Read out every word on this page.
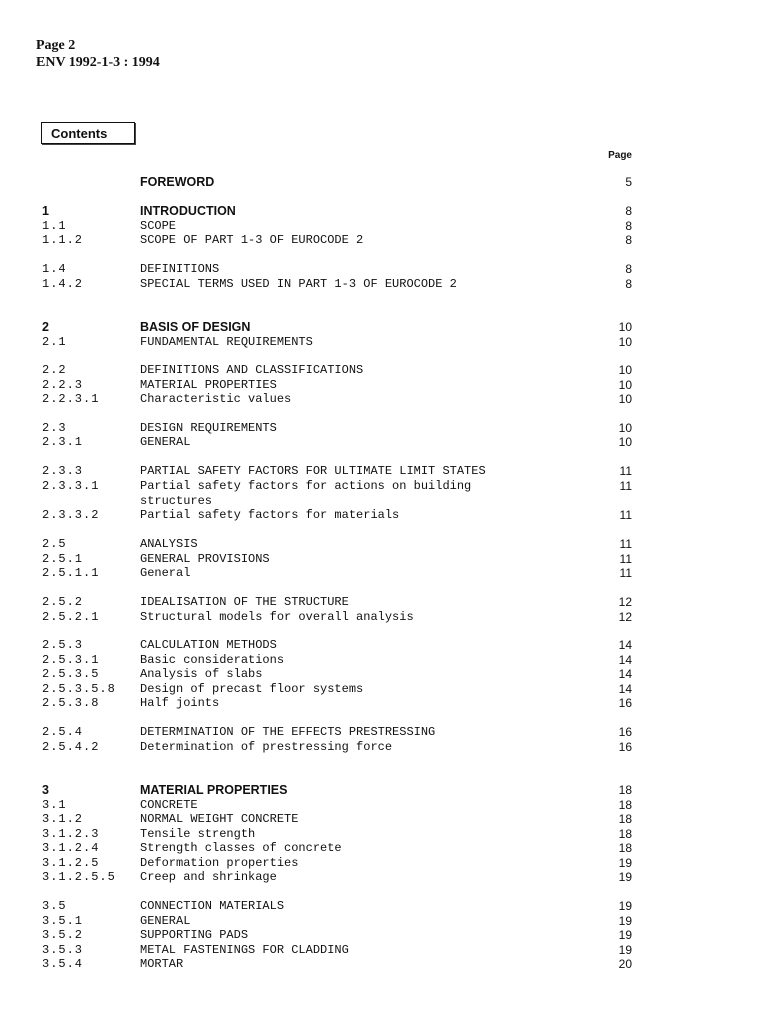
Page 2
ENV 1992-1-3 : 1994
Contents
Page
FOREWORD	5
1	INTRODUCTION	8
1.1	SCOPE	8
1.1.2	SCOPE OF PART 1-3 OF EUROCODE 2	8
1.4	DEFINITIONS	8
1.4.2	SPECIAL TERMS USED IN PART 1-3 OF EUROCODE 2	8
2	BASIS OF DESIGN	10
2.1	FUNDAMENTAL REQUIREMENTS	10
2.2	DEFINITIONS AND CLASSIFICATIONS	10
2.2.3	MATERIAL PROPERTIES	10
2.2.3.1	Characteristic values	10
2.3	DESIGN REQUIREMENTS	10
2.3.1	GENERAL	10
2.3.3	PARTIAL SAFETY FACTORS FOR ULTIMATE LIMIT STATES	11
2.3.3.1	Partial safety factors for actions on building	11
structures
2.3.3.2	Partial safety factors for materials	11
2.5	ANALYSIS	11
2.5.1	GENERAL PROVISIONS	11
2.5.1.1	General	11
2.5.2	IDEALISATION OF THE STRUCTURE	12
2.5.2.1	Structural models for overall analysis	12
2.5.3	CALCULATION METHODS	14
2.5.3.1	Basic considerations	14
2.5.3.5	Analysis of slabs	14
2.5.3.5.8 Design of precast floor systems	14
2.5.3.8	Half joints	16
2.5.4	DETERMINATION OF THE EFFECTS PRESTRESSING	16
2.5.4.2	Determination of prestressing force	16
3	MATERIAL PROPERTIES	18
3.1	CONCRETE	18
3.1.2	NORMAL WEIGHT CONCRETE	18
3.1.2.3	Tensile strength	18
3.1.2.4	Strength classes of concrete	18
3.1.2.5	Deformation properties	19
3.1.2.5.5 Creep and shrinkage	19
3.5	CONNECTION MATERIALS	19
3.5.1	GENERAL	19
3.5.2	SUPPORTING PADS	19
3.5.3	METAL FASTENINGS FOR CLADDING	19
3.5.4	MORTAR	20
